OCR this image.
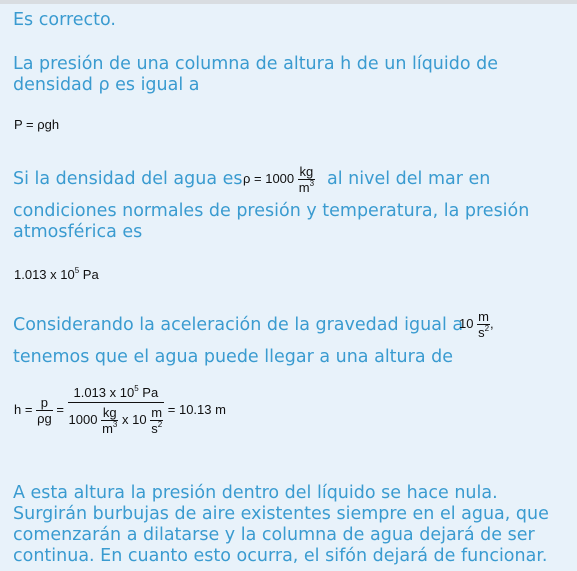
Es correcto.

La presión de una columna de altura h de un líquido de

densidad ρ es igual a

P = ρgh

Si la densidad del agua es $\rho = 1000 \frac{kg}{m^3}$ al nivel del mar en

condiciones normales de presión y temperatura, la presión

atmosférica es

1.013 x $10^5$ Pa

Considerando la aceleración de la gravedad igual a

$10 \frac{m}{s^2}$ ,

tenemos que el agua puede llegar a una altura de

$h = \frac{p}{\rho g} = \frac{1.013 x 10^5 Pa}{1000 \frac{kg}{m^3} x 10 \frac{m}{s^2}} = 10.13$ m

A esta altura la presión dentro del líquido se hace nula.

Surgirán burbujas de aire existentes siempre en el agua, que

comenzarán a dilatarse y la columna de agua dejará de ser

continua. En cuanto esto ocurra, el sifón dejará de funcionar.
